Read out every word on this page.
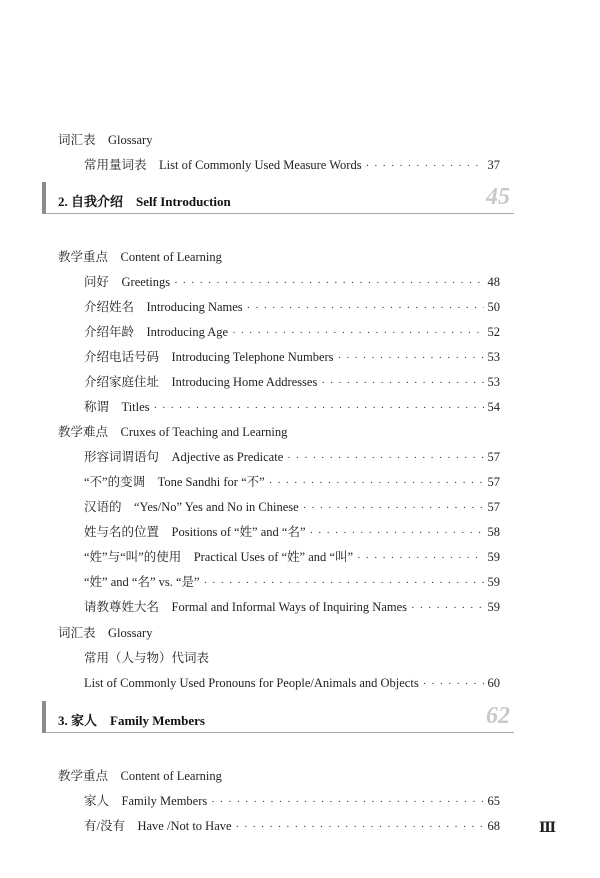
词汇表　Glossary
常用量词表　List of Commonly Used Measure Words · · ·	37
2. 自我介绍　Self Introduction	45
教学重点　Content of Learning
问好　Greetings · · ·	48
介绍姓名　Introducing Names · · ·	50
介绍年龄　Introducing Age · · ·	52
介绍电话号码　Introducing Telephone Numbers · · ·	53
介绍家庭住址　Introducing Home Addresses · · ·	53
称谓　Titles · · ·	54
教学难点　Cruxes of Teaching and Learning
形容词谓语句　Adjective as Predicate · · ·	57
“不”的变调　Tone Sandhi for “不” · · ·	57
汉语的　“Yes/No” Yes and No in Chinese · · ·	57
姓与名的位置　Positions of “姓” and “名” · · ·	58
“姓”与“叫”的使用　Practical Uses of “姓” and “叫” · · ·	59
“姓” and “名” vs. “是” · · ·	59
请教尊姓大名　Formal and Informal Ways of Inquiring Names · · ·	59
词汇表　Glossary
常用（人与物）代词表
List of Commonly Used Pronouns for People/Animals and Objects · · ·	60
3. 家人　Family Members	62
教学重点　Content of Learning
家人　Family Members · · ·	65
有/没有　Have /Not to Have · · ·	68	Ⅲ
